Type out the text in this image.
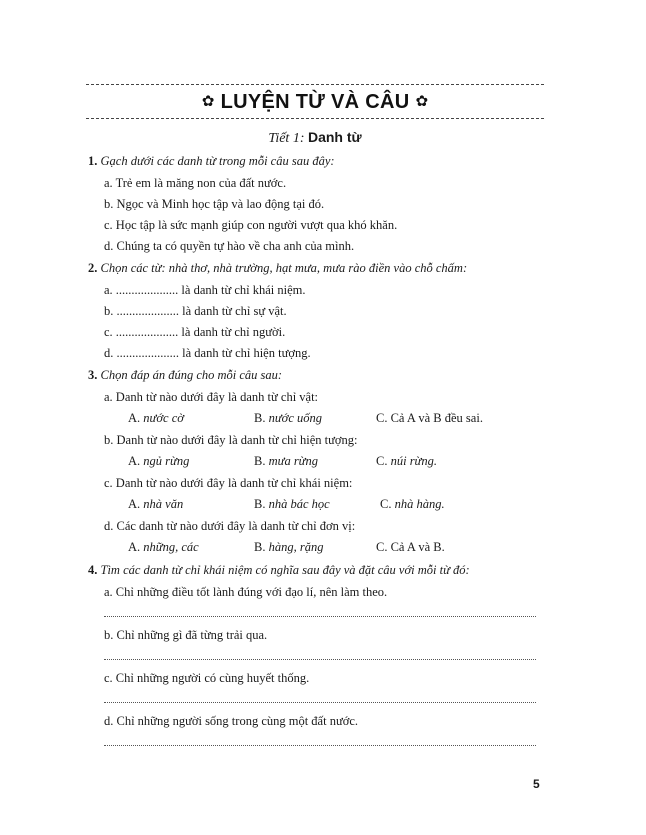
✿ LUYỆN TỪ VÀ CÂU ✿
Tiết 1: Danh từ
1. Gạch dưới các danh từ trong mỗi câu sau đây:
a. Trẻ em là măng non của đất nước.
b. Ngọc và Minh học tập và lao động tại đó.
c. Học tập là sức mạnh giúp con người vượt qua khó khăn.
d. Chúng ta có quyền tự hào về cha anh của mình.
2. Chọn các từ: nhà thơ, nhà trường, hạt mưa, mưa rào điền vào chỗ chấm:
a. .................... là danh từ chỉ khái niệm.
b. .................... là danh từ chỉ sự vật.
c. .................... là danh từ chỉ người.
d. .................... là danh từ chỉ hiện tượng.
3. Chọn đáp án đúng cho mỗi câu sau:
a. Danh từ nào dưới đây là danh từ chỉ vật:
A. nước cờ	B. nước uống	C. Cả A và B đều sai.
b. Danh từ nào dưới đây là danh từ chỉ hiện tượng:
A. ngủ rừng	B. mưa rừng	C. núi rừng.
c. Danh từ nào dưới đây là danh từ chỉ khái niệm:
A. nhà văn	B. nhà bác học	C. nhà hàng.
d. Các danh từ nào dưới đây là danh từ chỉ đơn vị:
A. những, các	B. hàng, rặng	C. Cả A và B.
4. Tìm các danh từ chỉ khái niệm có nghĩa sau đây và đặt câu với mỗi từ đó:
a. Chỉ những điều tốt lành đúng với đạo lí, nên làm theo.
b. Chỉ những gì đã từng trải qua.
c. Chỉ những người có cùng huyết thống.
d. Chỉ những người sống trong cùng một đất nước.
5
